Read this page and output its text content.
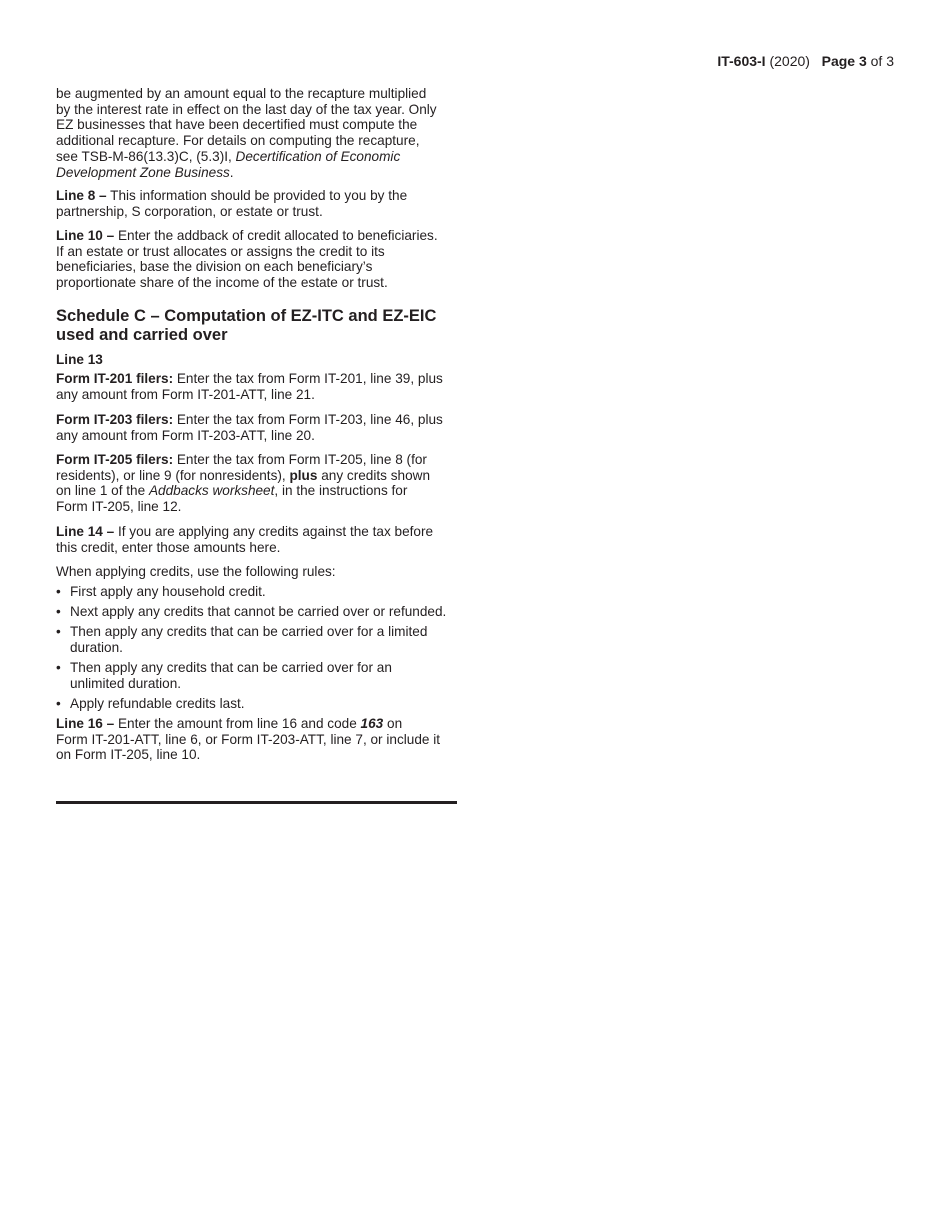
IT-603-I (2020) Page 3 of 3
be augmented by an amount equal to the recapture multiplied
by the interest rate in effect on the last day of the tax year. Only
EZ businesses that have been decertified must compute the
additional recapture. For details on computing the recapture,
see TSB-M-86(13.3)C, (5.3)I, Decertification of Economic
Development Zone Business.
Line 8 – This information should be provided to you by the
partnership, S corporation, or estate or trust.
Line 10 – Enter the addback of credit allocated to beneficiaries.
If an estate or trust allocates or assigns the credit to its
beneficiaries, base the division on each beneficiary’s
proportionate share of the income of the estate or trust.
Schedule C – Computation of EZ-ITC and EZ-EIC
used and carried over
Line 13
Form IT-201 filers: Enter the tax from Form IT-201, line 39, plus
any amount from Form IT-201-ATT, line 21.
Form IT-203 filers: Enter the tax from Form IT-203, line 46, plus
any amount from Form IT-203-ATT, line 20.
Form IT-205 filers: Enter the tax from Form IT-205, line 8 (for
residents), or line 9 (for nonresidents), plus any credits shown
on line 1 of the Addbacks worksheet, in the instructions for
Form IT-205, line 12.
Line 14 – If you are applying any credits against the tax before
this credit, enter those amounts here.
When applying credits, use the following rules:
• First apply any household credit.
• Next apply any credits that cannot be carried over or refunded.
• Then apply any credits that can be carried over for a limited
duration.
• Then apply any credits that can be carried over for an
unlimited duration.
• Apply refundable credits last.
Line 16 – Enter the amount from line 16 and code 163 on
Form IT-201-ATT, line 6, or Form IT-203-ATT, line 7, or include it
on Form IT-205, line 10.
